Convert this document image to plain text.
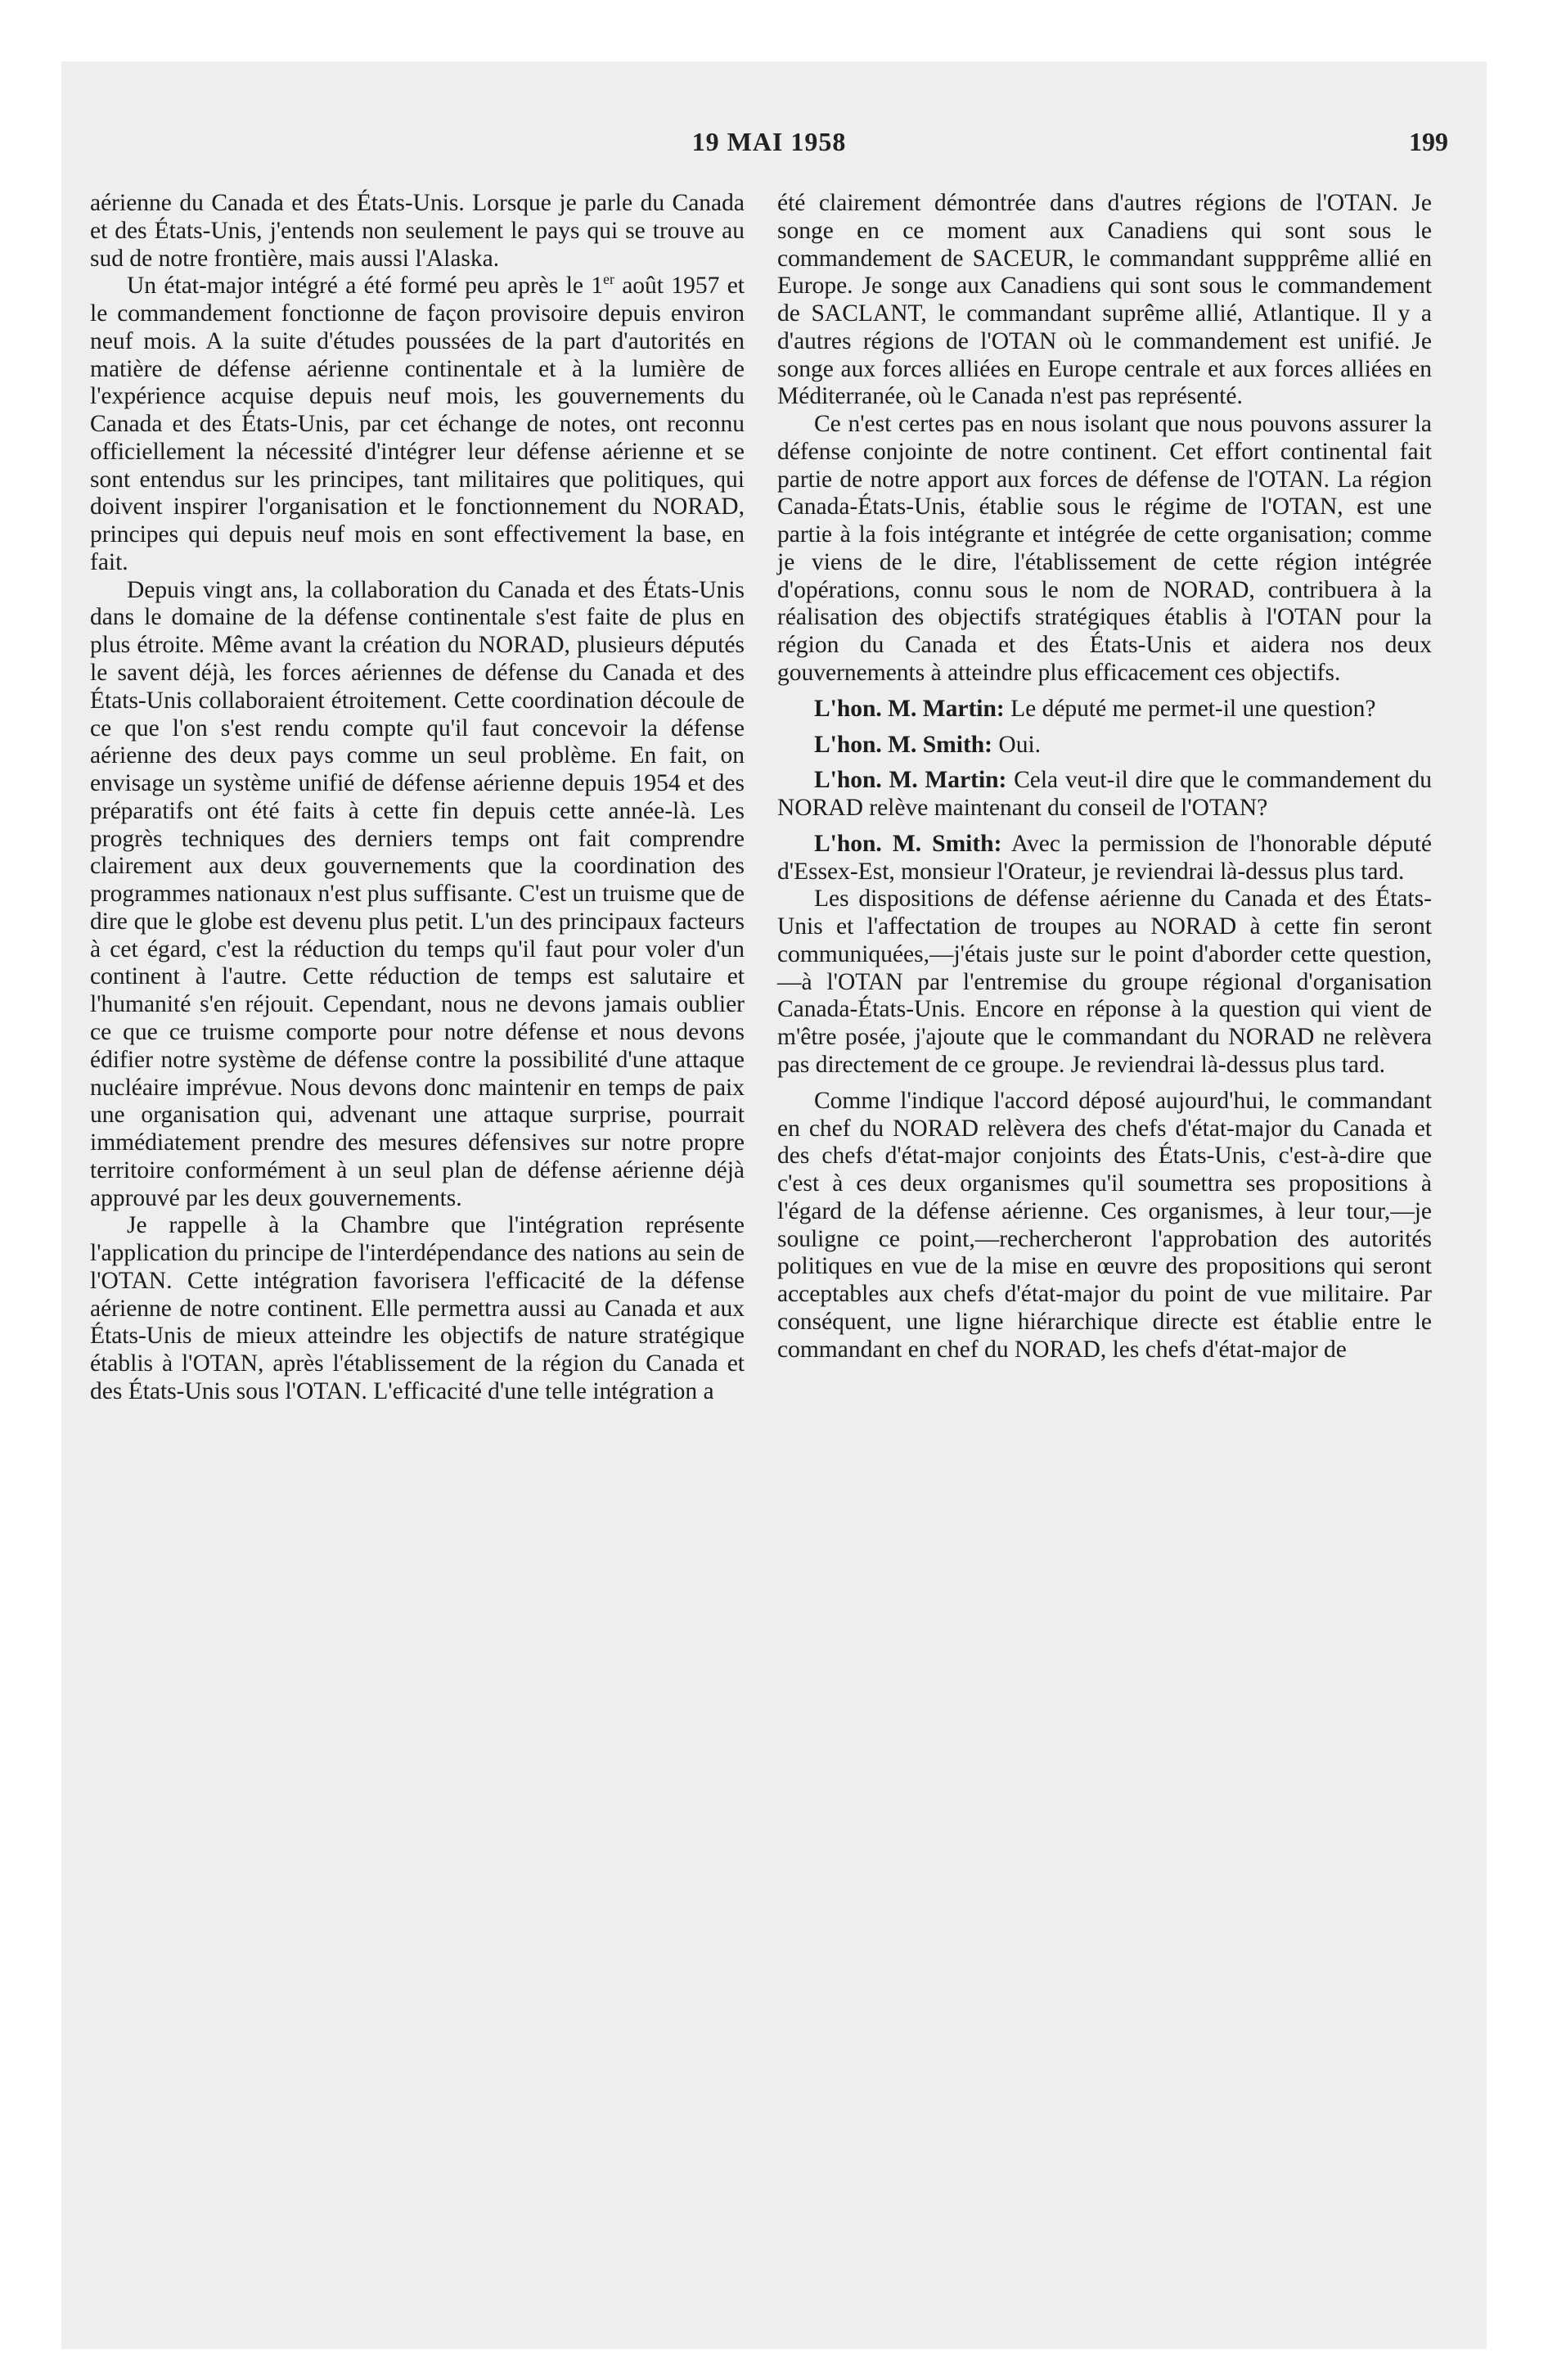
19 MAI 1958	199

aérienne du Canada et des États-Unis. Lorsque je parle du Canada et des États-Unis, j'entends non seulement le pays qui se trouve au sud de notre frontière, mais aussi l'Alaska.

Un état-major intégré a été formé peu après le 1er août 1957 et le commandement fonctionne de façon provisoire depuis environ neuf mois. A la suite d'études poussées de la part d'autorités en matière de défense aérienne continentale et à la lumière de l'expérience acquise depuis neuf mois, les gouvernements du Canada et des États-Unis, par cet échange de notes, ont reconnu officiellement la nécessité d'intégrer leur défense aérienne et se sont entendus sur les principes, tant militaires que politiques, qui doivent inspirer l'organisation et le fonctionnement du NORAD, principes qui depuis neuf mois en sont effectivement la base, en fait.

Depuis vingt ans, la collaboration du Canada et des États-Unis dans le domaine de la défense continentale s'est faite de plus en plus étroite. Même avant la création du NORAD, plusieurs députés le savent déjà, les forces aériennes de défense du Canada et des États-Unis collaboraient étroitement. Cette coordination découle de ce que l'on s'est rendu compte qu'il faut concevoir la défense aérienne des deux pays comme un seul problème. En fait, on envisage un système unifié de défense aérienne depuis 1954 et des préparatifs ont été faits à cette fin depuis cette année-là. Les progrès techniques des derniers temps ont fait comprendre clairement aux deux gouvernements que la coordination des programmes nationaux n'est plus suffisante. C'est un truisme que de dire que le globe est devenu plus petit. L'un des principaux facteurs à cet égard, c'est la réduction du temps qu'il faut pour voler d'un continent à l'autre. Cette réduction de temps est salutaire et l'humanité s'en réjouit. Cependant, nous ne devons jamais oublier ce que ce truisme comporte pour notre défense et nous devons édifier notre système de défense contre la possibilité d'une attaque nucléaire imprévue. Nous devons donc maintenir en temps de paix une organisation qui, advenant une attaque surprise, pourrait immédiatement prendre des mesures défensives sur notre propre territoire conformément à un seul plan de défense aérienne déjà approuvé par les deux gouvernements.

Je rappelle à la Chambre que l'intégration représente l'application du principe de l'interdépendance des nations au sein de l'OTAN. Cette intégration favorisera l'efficacité de la défense aérienne de notre continent. Elle permettra aussi au Canada et aux États-Unis de mieux atteindre les objectifs de nature stratégique établis à l'OTAN, après l'établissement de la région du Canada et des États-Unis sous l'OTAN. L'efficacité d'une telle intégration a

été clairement démontrée dans d'autres régions de l'OTAN. Je songe en ce moment aux Canadiens qui sont sous le commandement de SACEUR, le commandant suppprême allié en Europe. Je songe aux Canadiens qui sont sous le commandement de SACLANT, le commandant suprême allié, Atlantique. Il y a d'autres régions de l'OTAN où le commandement est unifié. Je songe aux forces alliées en Europe centrale et aux forces alliées en Méditerranée, où le Canada n'est pas représenté.

Ce n'est certes pas en nous isolant que nous pouvons assurer la défense conjointe de notre continent. Cet effort continental fait partie de notre apport aux forces de défense de l'OTAN. La région Canada-États-Unis, établie sous le régime de l'OTAN, est une partie à la fois intégrante et intégrée de cette organisation; comme je viens de le dire, l'établissement de cette région intégrée d'opérations, connu sous le nom de NORAD, contribuera à la réalisation des objectifs stratégiques établis à l'OTAN pour la région du Canada et des États-Unis et aidera nos deux gouvernements à atteindre plus efficacement ces objectifs.

L'hon. M. Martin: Le député me permet-il une question?

L'hon. M. Smith: Oui.

L'hon. M. Martin: Cela veut-il dire que le commandement du NORAD relève maintenant du conseil de l'OTAN?

L'hon. M. Smith: Avec la permission de l'honorable député d'Essex-Est, monsieur l'Orateur, je reviendrai là-dessus plus tard.

Les dispositions de défense aérienne du Canada et des États-Unis et l'affectation de troupes au NORAD à cette fin seront communiquées,—j'étais juste sur le point d'aborder cette question,—à l'OTAN par l'entremise du groupe régional d'organisation Canada-États-Unis. Encore en réponse à la question qui vient de m'être posée, j'ajoute que le commandant du NORAD ne relèvera pas directement de ce groupe. Je reviendrai là-dessus plus tard.

Comme l'indique l'accord déposé aujourd'hui, le commandant en chef du NORAD relèvera des chefs d'état-major du Canada et des chefs d'état-major conjoints des États-Unis, c'est-à-dire que c'est à ces deux organismes qu'il soumettra ses propositions à l'égard de la défense aérienne. Ces organismes, à leur tour,—je souligne ce point,—rechercheront l'approbation des autorités politiques en vue de la mise en œuvre des propositions qui seront acceptables aux chefs d'état-major du point de vue militaire. Par conséquent, une ligne hiérarchique directe est établie entre le commandant en chef du NORAD, les chefs d'état-major de
